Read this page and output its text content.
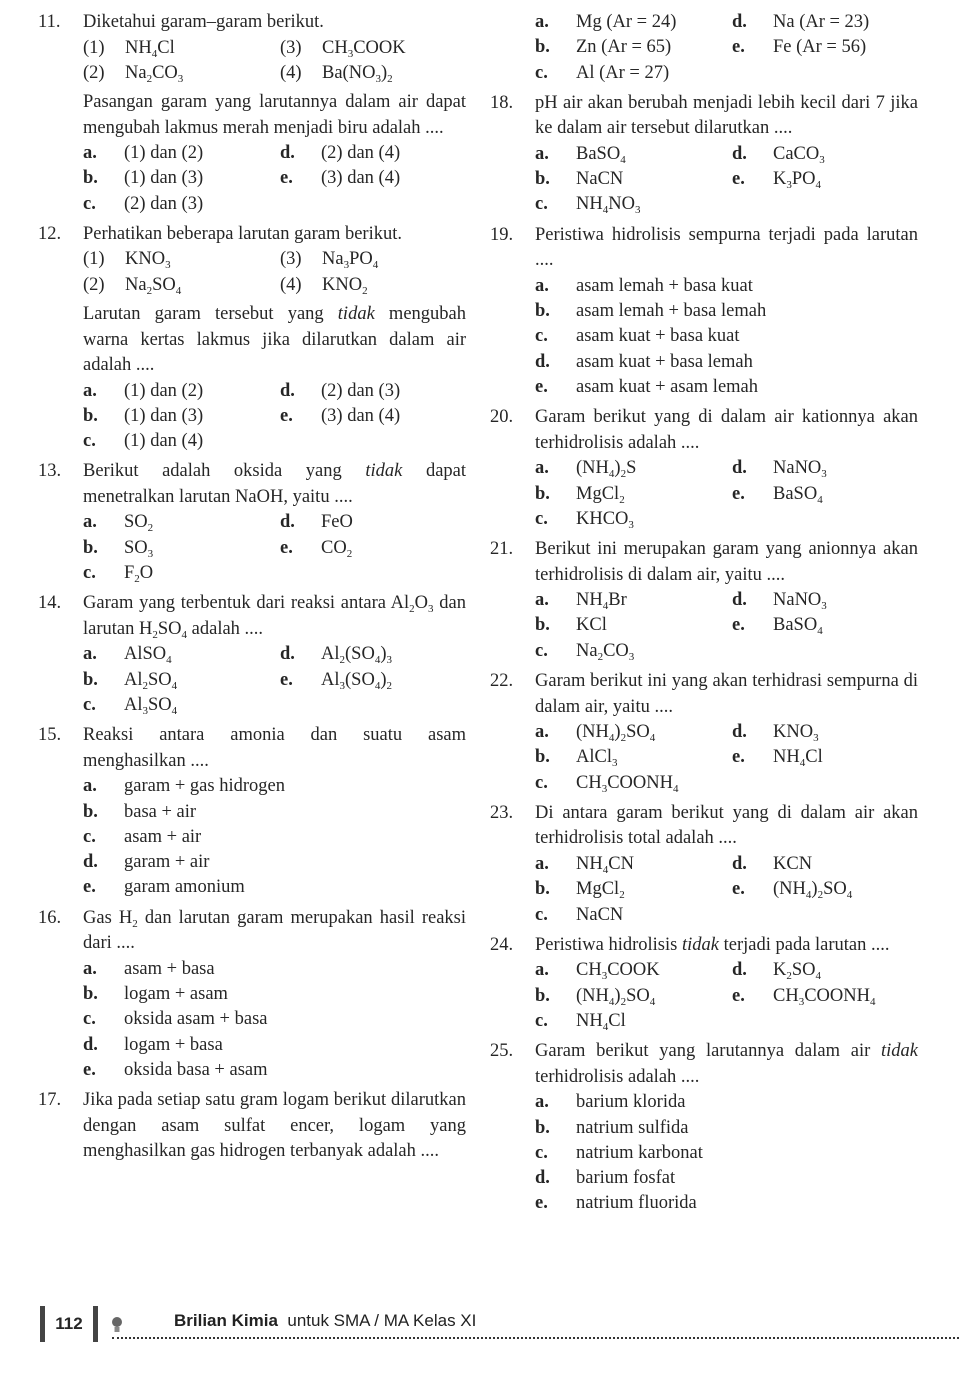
11.	Diketahui garam–garam berikut.
(1)	$NH_4Cl$	(3)	$CH_3COOK$
(2)	$Na_2CO_3$	(4)	$Ba(NO_3)_2$
Pasangan garam yang larutannya dalam air dapat mengubah lakmus merah menjadi biru adalah ....
a.	(1) dan (2)	d.	(2) dan (4)
b.	(1) dan (3)	e.	(3) dan (4)
c.	(2) dan (3)
12.	Perhatikan beberapa larutan garam berikut.
(1)	$KNO_3$	(3)	$Na_3PO_4$
(2)	$Na_2SO_4$	(4)	$KNO_2$
Larutan garam tersebut yang tidak mengubah warna kertas lakmus jika dilarutkan dalam air adalah ....
a.	(1) dan (2)	d.	(2) dan (3)
b.	(1) dan (3)	e.	(3) dan (4)
c.	(1) dan (4)
13.	Berikut adalah oksida yang tidak dapat menetralkan larutan NaOH, yaitu ....
a.	$SO_2$	d.	FeO
b.	$SO_3$	e.	$CO_2$
c.	$F_2O$
14.	Garam yang terbentuk dari reaksi antara $Al_2O_3$ dan larutan $H_2SO_4$ adalah ....
a.	AlSO$_4$	d.	$Al_2(SO_4)_3$
b.	$Al_2SO_4$	e.	$Al_3(SO_4)_2$
c.	$Al_3SO_4$
15.	Reaksi antara amonia dan suatu asam menghasilkan ....
a.	garam + gas hidrogen
b.	basa + air
c.	asam + air
d.	garam + air
e.	garam amonium
16.	Gas $H_2$ dan larutan garam merupakan hasil reaksi dari ....
a.	asam + basa
b.	logam + asam
c.	oksida asam + basa
d.	logam + basa
e.	oksida basa + asam
17.	Jika pada setiap satu gram logam berikut dilarutkan dengan asam sulfat encer, logam yang menghasilkan gas hidrogen terbanyak adalah ....
a.	Mg (Ar = 24)	d.	Na (Ar = 23)
b.	Zn (Ar = 65)	e.	Fe (Ar = 56)
c.	Al (Ar = 27)
18.	pH air akan berubah menjadi lebih kecil dari 7 jika ke dalam air tersebut dilarutkan ....
a.	BaSO$_4$	d.	CaCO$_3$
b.	NaCN	e.	$K_3PO_4$
c.	$NH_4NO_3$
19.	Peristiwa hidrolisis sempurna terjadi pada larutan ....
a.	asam lemah + basa kuat
b.	asam lemah + basa lemah
c.	asam kuat + basa kuat
d.	asam kuat + basa lemah
e.	asam kuat + asam lemah
20.	Garam berikut yang di dalam air kationnya akan terhidrolisis adalah ....
a.	$(NH_4)_2S$	d.	NaNO$_3$
b.	MgCl$_2$	e.	BaSO$_4$
c.	$KHCO_3$
21.	Berikut ini merupakan garam yang anionnya akan terhidrolisis di dalam air, yaitu ....
a.	$NH_4Br$	d.	NaNO$_3$
b.	KCl	e.	BaSO$_4$
c.	$Na_2CO_3$
22.	Garam berikut ini yang akan terhidrasi sempurna di dalam air, yaitu ....
a.	$(NH_4)_2SO_4$	d.	$KNO_3$
b.	AlCl$_3$	e.	$NH_4Cl$
c.	$CH_3COONH_4$
23.	Di antara garam berikut yang di dalam air akan terhidrolisis total adalah ....
a.	$NH_4CN$	d.	KCN
b.	MgCl$_2$	e.	$(NH_4)_2SO_4$
c.	NaCN
24.	Peristiwa hidrolisis tidak terjadi pada larutan ....
a.	$CH_3COOK$	d.	$K_2SO_4$
b.	$(NH_4)_2SO_4$	e.	$CH_3COONH_4$
c.	$NH_4Cl$
25.	Garam berikut yang larutannya dalam air tidak terhidrolisis adalah ....
a.	barium klorida
b.	natrium sulfida
c.	natrium karbonat
d.	barium fosfat
e.	natrium fluorida
112	Brilian Kimia untuk SMA / MA Kelas XI
